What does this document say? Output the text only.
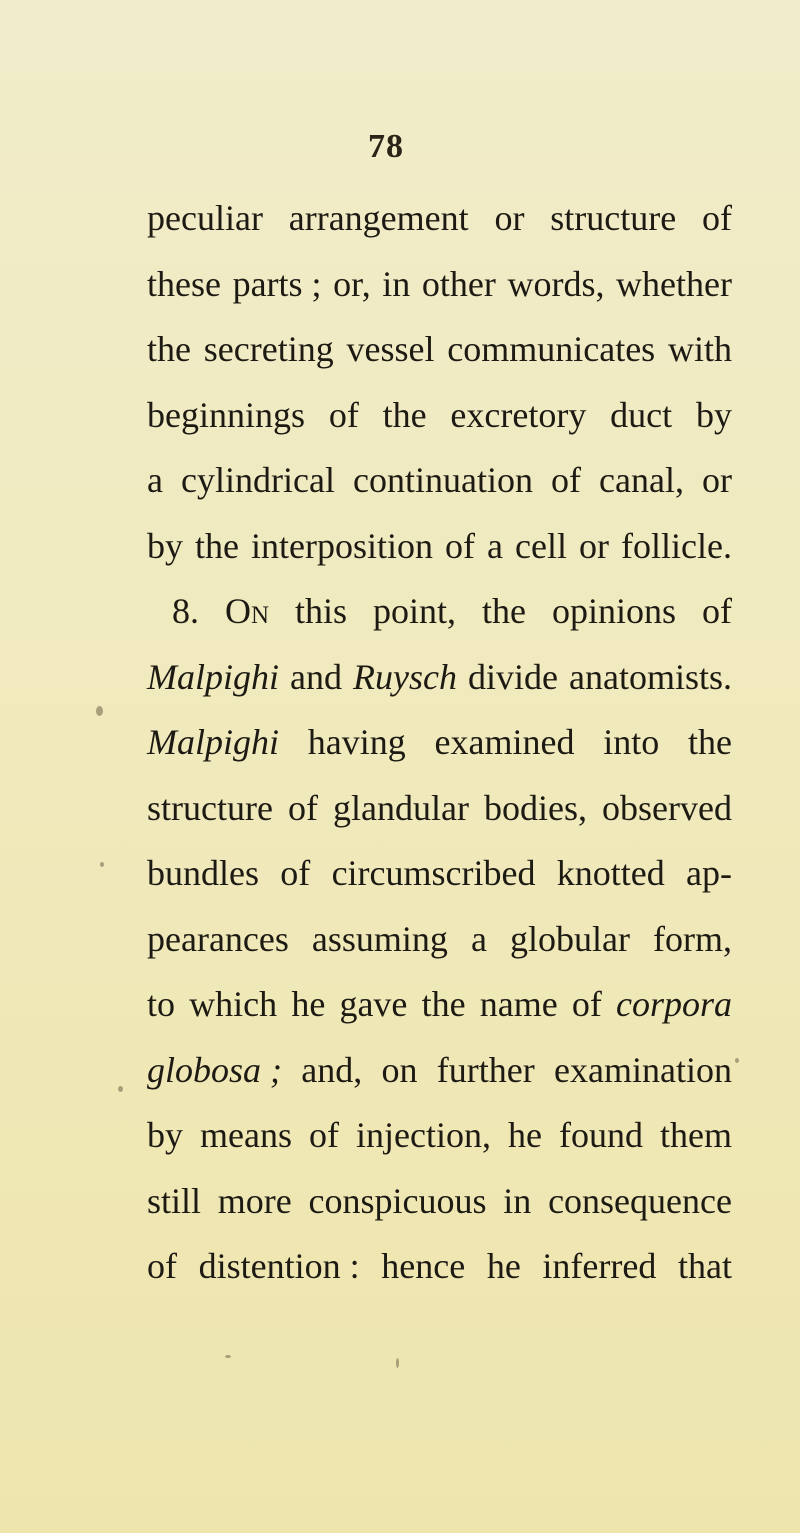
78
peculiar arrangement or structure of
these parts ; or, in other words, whether
the secreting vessel communicates with
beginnings of the excretory duct by
a cylindrical continuation of canal, or
by the interposition of a cell or follicle.
8. On this point, the opinions of
Malpighi and Ruysch divide anatomists.
Malpighi having examined into the
structure of glandular bodies, observed
bundles of circumscribed knotted ap-
pearances assuming a globular form,
to which he gave the name of corpora
globosa ; and, on further examination
by means of injection, he found them
still more conspicuous in consequence
of distention : hence he inferred that
